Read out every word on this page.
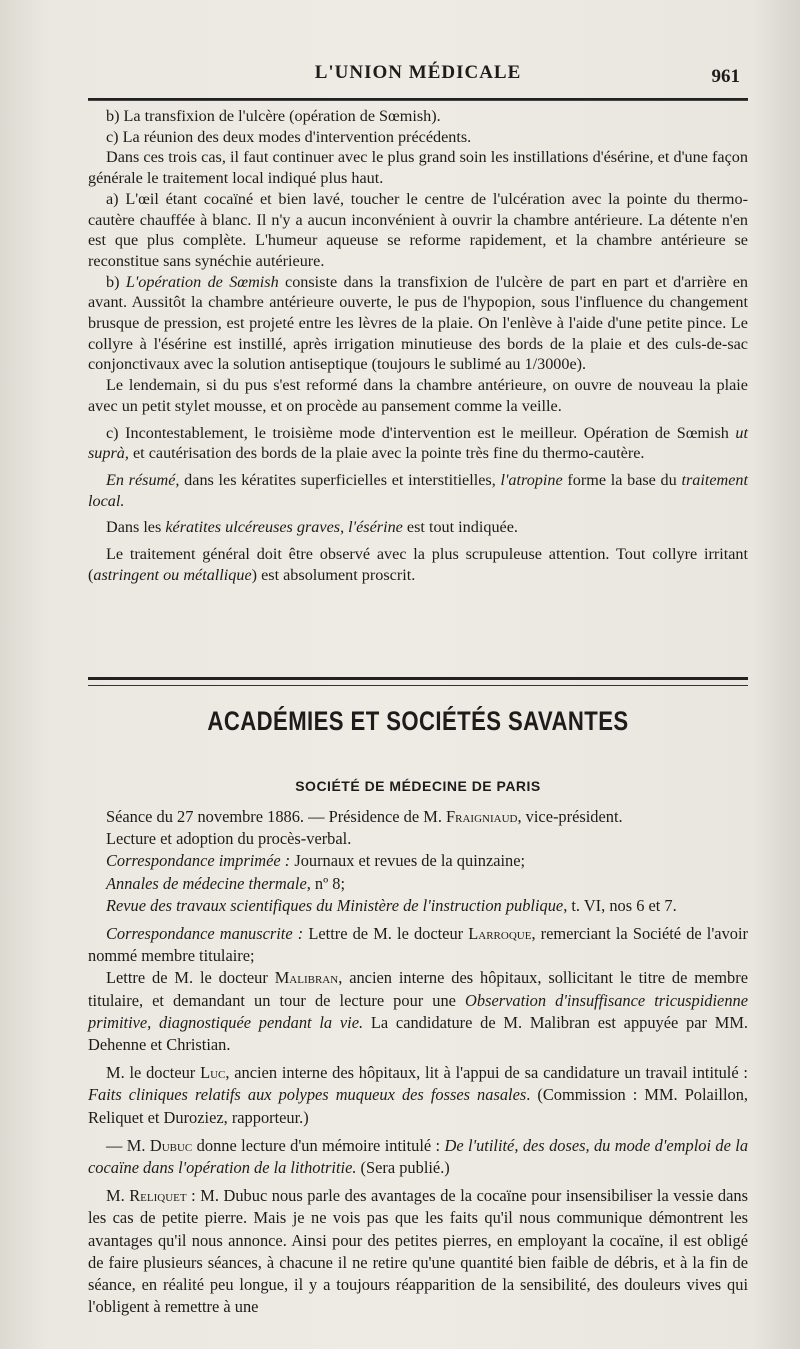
L'UNION MÉDICALE	961

b) La transfixion de l'ulcère (opération de Sœmish).

c) La réunion des deux modes d'intervention précédents.

Dans ces trois cas, il faut continuer avec le plus grand soin les instillations d'ésérine, et d'une façon générale le traitement local indiqué plus haut.

a) L'œil étant cocaïné et bien lavé, toucher le centre de l'ulcération avec la pointe du thermo-cautère chauffée à blanc. Il n'y a aucun inconvénient à ouvrir la chambre antérieure. La détente n'en est que plus complète. L'humeur aqueuse se reforme rapidement, et la chambre antérieure se reconstitue sans synéchie autérieure.

b) L'opération de Sœmish consiste dans la transfixion de l'ulcère de part en part et d'arrière en avant. Aussitôt la chambre antérieure ouverte, le pus de l'hypopion, sous l'influence du changement brusque de pression, est projeté entre les lèvres de la plaie. On l'enlève à l'aide d'une petite pince. Le collyre à l'ésérine est instillé, après irrigation minutieuse des bords de la plaie et des culs-de-sac conjonctivaux avec la solution antiseptique (toujours le sublimé au 1/3000e).

Le lendemain, si du pus s'est reformé dans la chambre antérieure, on ouvre de nouveau la plaie avec un petit stylet mousse, et on procède au pansement comme la veille.

c) Incontestablement, le troisième mode d'intervention est le meilleur. Opération de Sœmish ut suprà, et cautérisation des bords de la plaie avec la pointe très fine du thermo-cautère.

En résumé, dans les kératites superficielles et interstitielles, l'atropine forme la base du traitement local.

Dans les kératites ulcéreuses graves, l'ésérine est tout indiquée.

Le traitement général doit être observé avec la plus scrupuleuse attention. Tout collyre irritant (astringent ou métallique) est absolument proscrit.

ACADÉMIES ET SOCIÉTÉS SAVANTES
SOCIÉTÉ DE MÉDECINE DE PARIS

Séance du 27 novembre 1886. — Présidence de M. Fraigniaud, vice-président.

Lecture et adoption du procès-verbal.

Correspondance imprimée : Journaux et revues de la quinzaine;

Annales de médecine thermale, nº 8;

Revue des travaux scientifiques du Ministère de l'instruction publique, t. VI, nos 6 et 7.

Correspondance manuscrite : Lettre de M. le docteur Larroque, remerciant la Société de l'avoir nommé membre titulaire;

Lettre de M. le docteur Malibran, ancien interne des hôpitaux, sollicitant le titre de membre titulaire, et demandant un tour de lecture pour une Observation d'insuffisance tricuspidienne primitive, diagnostiquée pendant la vie. La candidature de M. Malibran est appuyée par MM. Dehenne et Christian.

M. le docteur Luc, ancien interne des hôpitaux, lit à l'appui de sa candidature un travail intitulé : Faits cliniques relatifs aux polypes muqueux des fosses nasales. (Commission : MM. Polaillon, Reliquet et Duroziez, rapporteur.)

— M. Dubuc donne lecture d'un mémoire intitulé : De l'utilité, des doses, du mode d'emploi de la cocaïne dans l'opération de la lithotritie. (Sera publié.)

M. Reliquet : M. Dubuc nous parle des avantages de la cocaïne pour insensibiliser la vessie dans les cas de petite pierre. Mais je ne vois pas que les faits qu'il nous communique démontrent les avantages qu'il nous annonce. Ainsi pour des petites pierres, en employant la cocaïne, il est obligé de faire plusieurs séances, à chacune il ne retire qu'une quantité bien faible de débris, et à la fin de séance, en réalité peu longue, il y a toujours réapparition de la sensibilité, des douleurs vives qui l'obligent à remettre à une
